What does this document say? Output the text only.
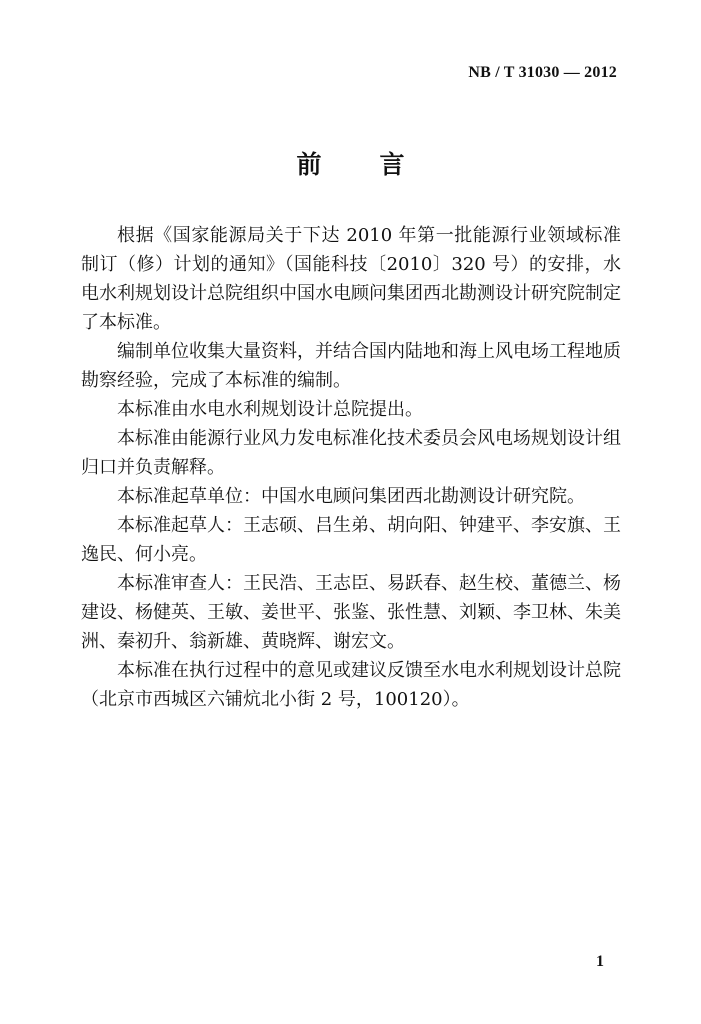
NB / T 31030 — 2012
前言

根据《国家能源局关于下达 2010 年第一批能源行业领域标准制订（修）计划的通知》（国能科技〔2010〕320 号）的安排，水电水利规划设计总院组织中国水电顾问集团西北勘测设计研究院制定了本标准。

编制单位收集大量资料，并结合国内陆地和海上风电场工程地质勘察经验，完成了本标准的编制。

本标准由水电水利规划设计总院提出。

本标准由能源行业风力发电标准化技术委员会风电场规划设计组归口并负责解释。

本标准起草单位：中国水电顾问集团西北勘测设计研究院。

本标准起草人：王志硕、吕生弟、胡向阳、钟建平、李安旗、王逸民、何小亮。

本标准审查人：王民浩、王志臣、易跃春、赵生校、董德兰、杨建设、杨健英、王敏、姜世平、张鉴、张性慧、刘颖、李卫林、朱美洲、秦初升、翁新雄、黄晓辉、谢宏文。

本标准在执行过程中的意见或建议反馈至水电水利规划设计总院（北京市西城区六铺炕北小街 2 号，100120）。

1
